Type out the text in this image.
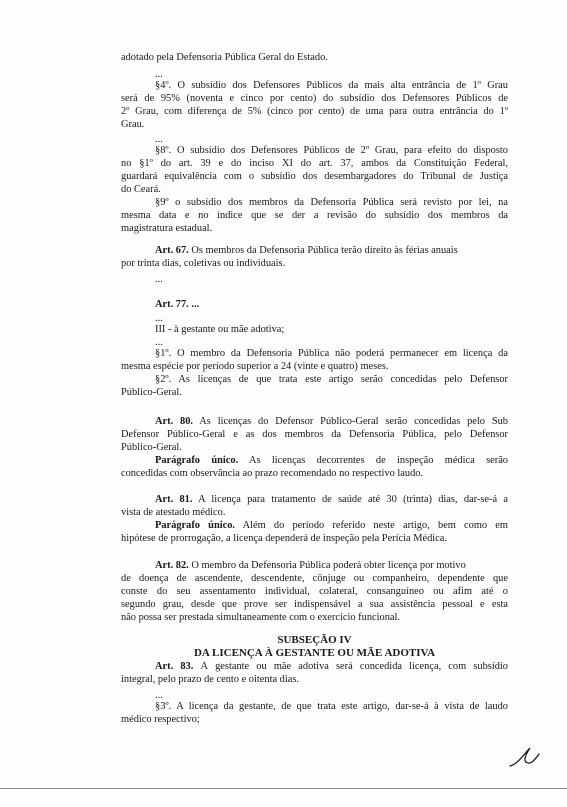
adotado pela Defensoria Pública Geral do Estado.
...
§4º. O subsídio dos Defensores Públicos da mais alta entrância de 1º Grau
será de 95% (noventa e cinco por cento) do subsídio dos Defensores Públicos de
2º Grau, com diferença de 5% (cinco por cento) de uma para outra entrância do 1º
Grau.
...
§8º. O subsídio dos Defensores Públicos de 2º Grau, para efeito do disposto
no §1º do art. 39 e do inciso XI do art. 37, ambos da Constituição Federal,
guardará equivalência com o subsídio dos desembargadores do Tribunal de Justiça
do Ceará.
§9º o subsídio dos membros da Defensoria Pública será revisto por lei, na
mesma data e no índice que se der a revisão do subsídio dos membros da
magistratura estadual.
Art. 67. Os membros da Defensoria Pública terão direito às férias anuais
por trinta dias, coletivas ou individuais.
...
Art. 77. ...
...
III - à gestante ou mãe adotiva;
...
§1º. O membro da Defensoria Pública não poderá permanecer em licença da
mesma espécie por período superior a 24 (vinte e quatro) meses.
§2º. As licenças de que trata este artigo serão concedidas pelo Defensor
Público-Geral.
Art. 80. As licenças do Defensor Público-Geral serão concedidas pelo Sub
Defensor Público-Geral e as dos membros da Defensoria Pública, pelo Defensor
Público-Geral.
Parágrafo único. As licenças decorrentes de inspeção médica serão
concedidas com observância ao prazo recomendado no respectivo laudo.
Art. 81. A licença para tratamento de saúde até 30 (trinta) dias, dar-se-á a
vista de atestado médico.
Parágrafo único. Além do período referido neste artigo, bem como em
hipótese de prorrogação, a licença dependerá de inspeção pela Perícia Médica.
Art. 82. O membro da Defensoria Pública poderá obter licença por motivo
de doença de ascendente, descendente, cônjuge ou companheiro, dependente que
conste do seu assentamento individual, colateral, consanguíneo ou afim até o
segundo grau, desde que prove ser indispensável a sua assistência pessoal e esta
não possa ser prestada simultaneamente com o exercício funcional.
SUBSEÇÃO IV
DA LICENÇA À GESTANTE OU MÃE ADOTIVA
Art. 83. À gestante ou mãe adotiva será concedida licença, com subsídio
integral, pelo prazo de cento e oitenta dias.
...
§3º. A licença da gestante, de que trata este artigo, dar-se-á à vista de laudo
médico respectivo;
